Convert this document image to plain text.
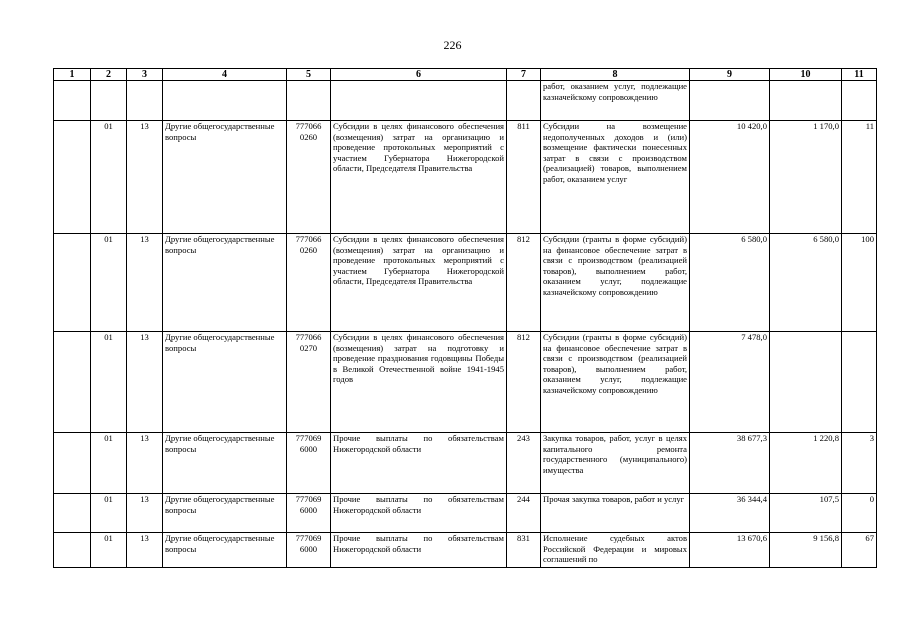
226
1	2	3	4	5	6	7	8	9	10	11
							работ, оказанием услуг, подлежащие казначейскому сопровождению			
	01	13	Другие общегосударственные вопросы	777066 0260	Субсидии в целях финансового обеспечения (возмещения) затрат на организацию и проведение протокольных мероприятий с участием Губернатора Нижегородской области, Председателя Правительства	811	Субсидии на возмещение недополученных доходов и (или) возмещение фактически понесенных затрат в связи с производством (реализацией) товаров, выполнением работ, оказанием услуг	10 420,0	1 170,0	11
	01	13	Другие общегосударственные вопросы	777066 0260	Субсидии в целях финансового обеспечения (возмещения) затрат на организацию и проведение протокольных мероприятий с участием Губернатора Нижегородской области, Председателя Правительства	812	Субсидии (гранты в форме субсидий) на финансовое обеспечение затрат в связи с производством (реализацией товаров), выполнением работ, оказанием услуг, подлежащие казначейскому сопровождению	6 580,0	6 580,0	100
	01	13	Другие общегосударственные вопросы	777066 0270	Субсидии в целях финансового обеспечения (возмещения) затрат на подготовку и проведение празднования годовщины Победы в Великой Отечественной войне 1941-1945 годов	812	Субсидии (гранты в форме субсидий) на финансовое обеспечение затрат в связи с производством (реализацией товаров), выполнением работ, оказанием услуг, подлежащие казначейскому сопровождению	7 478,0		
	01	13	Другие общегосударственные вопросы	777069 6000	Прочие выплаты по обязательствам Нижегородской области	243	Закупка товаров, работ, услуг в целях капитального ремонта государственного (муниципального) имущества	38 677,3	1 220,8	3
	01	13	Другие общегосударственные вопросы	777069 6000	Прочие выплаты по обязательствам Нижегородской области	244	Прочая закупка товаров, работ и услуг	36 344,4	107,5	0
	01	13	Другие общегосударственные вопросы	777069 6000	Прочие выплаты по обязательствам Нижегородской области	831	Исполнение судебных актов Российской Федерации и мировых соглашений по	13 670,6	9 156,8	67
